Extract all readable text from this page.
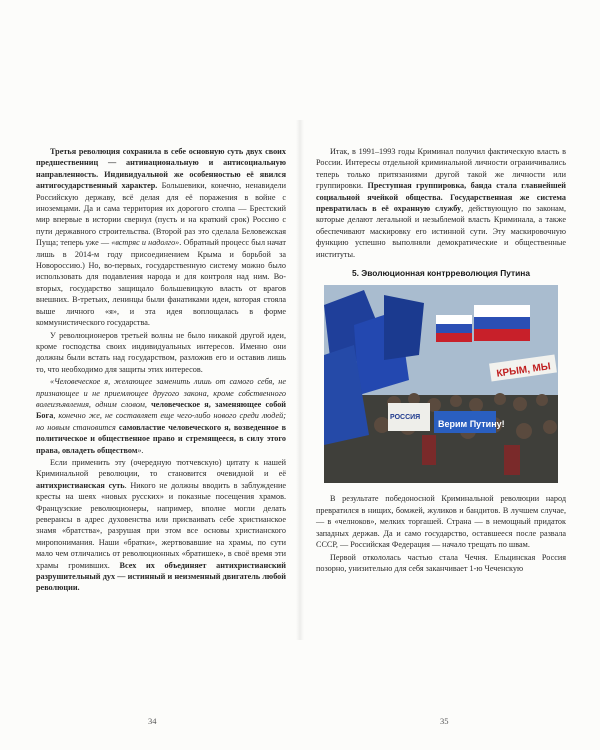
Третья революция сохранила в себе основную суть двух своих предшественниц — антинациональную и антисоциальную направленность. Индивидуальной же особенностью её явился антигосударственный характер. Большевики, конечно, ненавидели Российскую державу, всё делая для её поражения в войне с иноземцами. Да и сама территория их дорогого столпа — Брестский мир впервые в истории свернул (пусть и на краткий срок) Россию с пути державного строительства. (Второй раз это сделала Беловежская Пуща; теперь уже — «встряс и надолго». Обратный процесс был начат лишь в 2014-м году присоединением Крыма и борьбой за Новороссию.) Но, во-первых, государственную систему можно было использовать для подавления народа и для контроля над ним. Во-вторых, государство защищало большевицкую власть от врагов внешних. В-третьих, ленинцы были фанатиками идеи, которая стояла выше личного «я», и эта идея воплощалась в форме коммунистического государства.

У революционеров третьей волны не было никакой другой идеи, кроме господства своих индивидуальных интересов. Именно они должны были встать над государством, разложив его и оставив лишь то, что необходимо для защиты этих интересов.

«Человеческое я, желающее заменить лишь от самого себя, не признающее и не приемлющее другого закона, кроме собственного волеизъявления, одним словом, человеческое я, заменяющее собой Бога, конечно же, не составляет еще чего-либо нового среди людей; но новым становится самовластие человеческого я, возведенное в политическое и общественное право и стремящееся, в силу этого права, овладеть обществом».

Если применить эту (очередную тютчевскую) цитату к нашей Криминальной революции, то становится очевидной и её антихристианская суть. Никого не должны вводить в заблуждение кресты на шеях «новых русских» и показные посещения храмов. Французские революционеры, например, вполне могли делать реверансы в адрес духовенства или присваивать себе христианское знамя «братства», разрушая при этом все основы христианского миропонимания. Наши «братки», жертвовавшие на храмы, по сути мало чем отличались от революционных «братишек», в своё время эти храмы громивших. Всех их объединяет антихристианский разрушительный дух — истинный и неизменный двигатель любой революции.

34

Итак, в 1991–1993 годы Криминал получил фактическую власть в России. Интересы отдельной криминальной личности ограничивались теперь только притязаниями другой такой же личности или группировки. Преступная группировка, банда стала главнейшей социальной ячейкой общества. Государственная же система превратилась в её охранную службу, действующую по законам, которые делают легальной и незыблемой власть Криминала, а также обеспечивают маскировку его истинной сути. Эту маскировочную функцию успешно выполняли демократические и общественные институты.

5. Эволюционная контрреволюция Путина
КРЫМ, МЫ
Верим Путину!
РОССИЯ

В результате победоносной Криминальной революции народ превратился в нищих, бомжей, жуликов и бандитов. В лучшем случае, — в «челноков», мелких торгашей. Страна — в немощный придаток западных держав. Да и само государство, оставшееся после развала СССР, — Российская Федерация — начало трещать по швам.

Первой откололась частью стала Чечня. Ельцинская Россия позорно, унизительно для себя заканчивает 1-ю Чеченскую

35
